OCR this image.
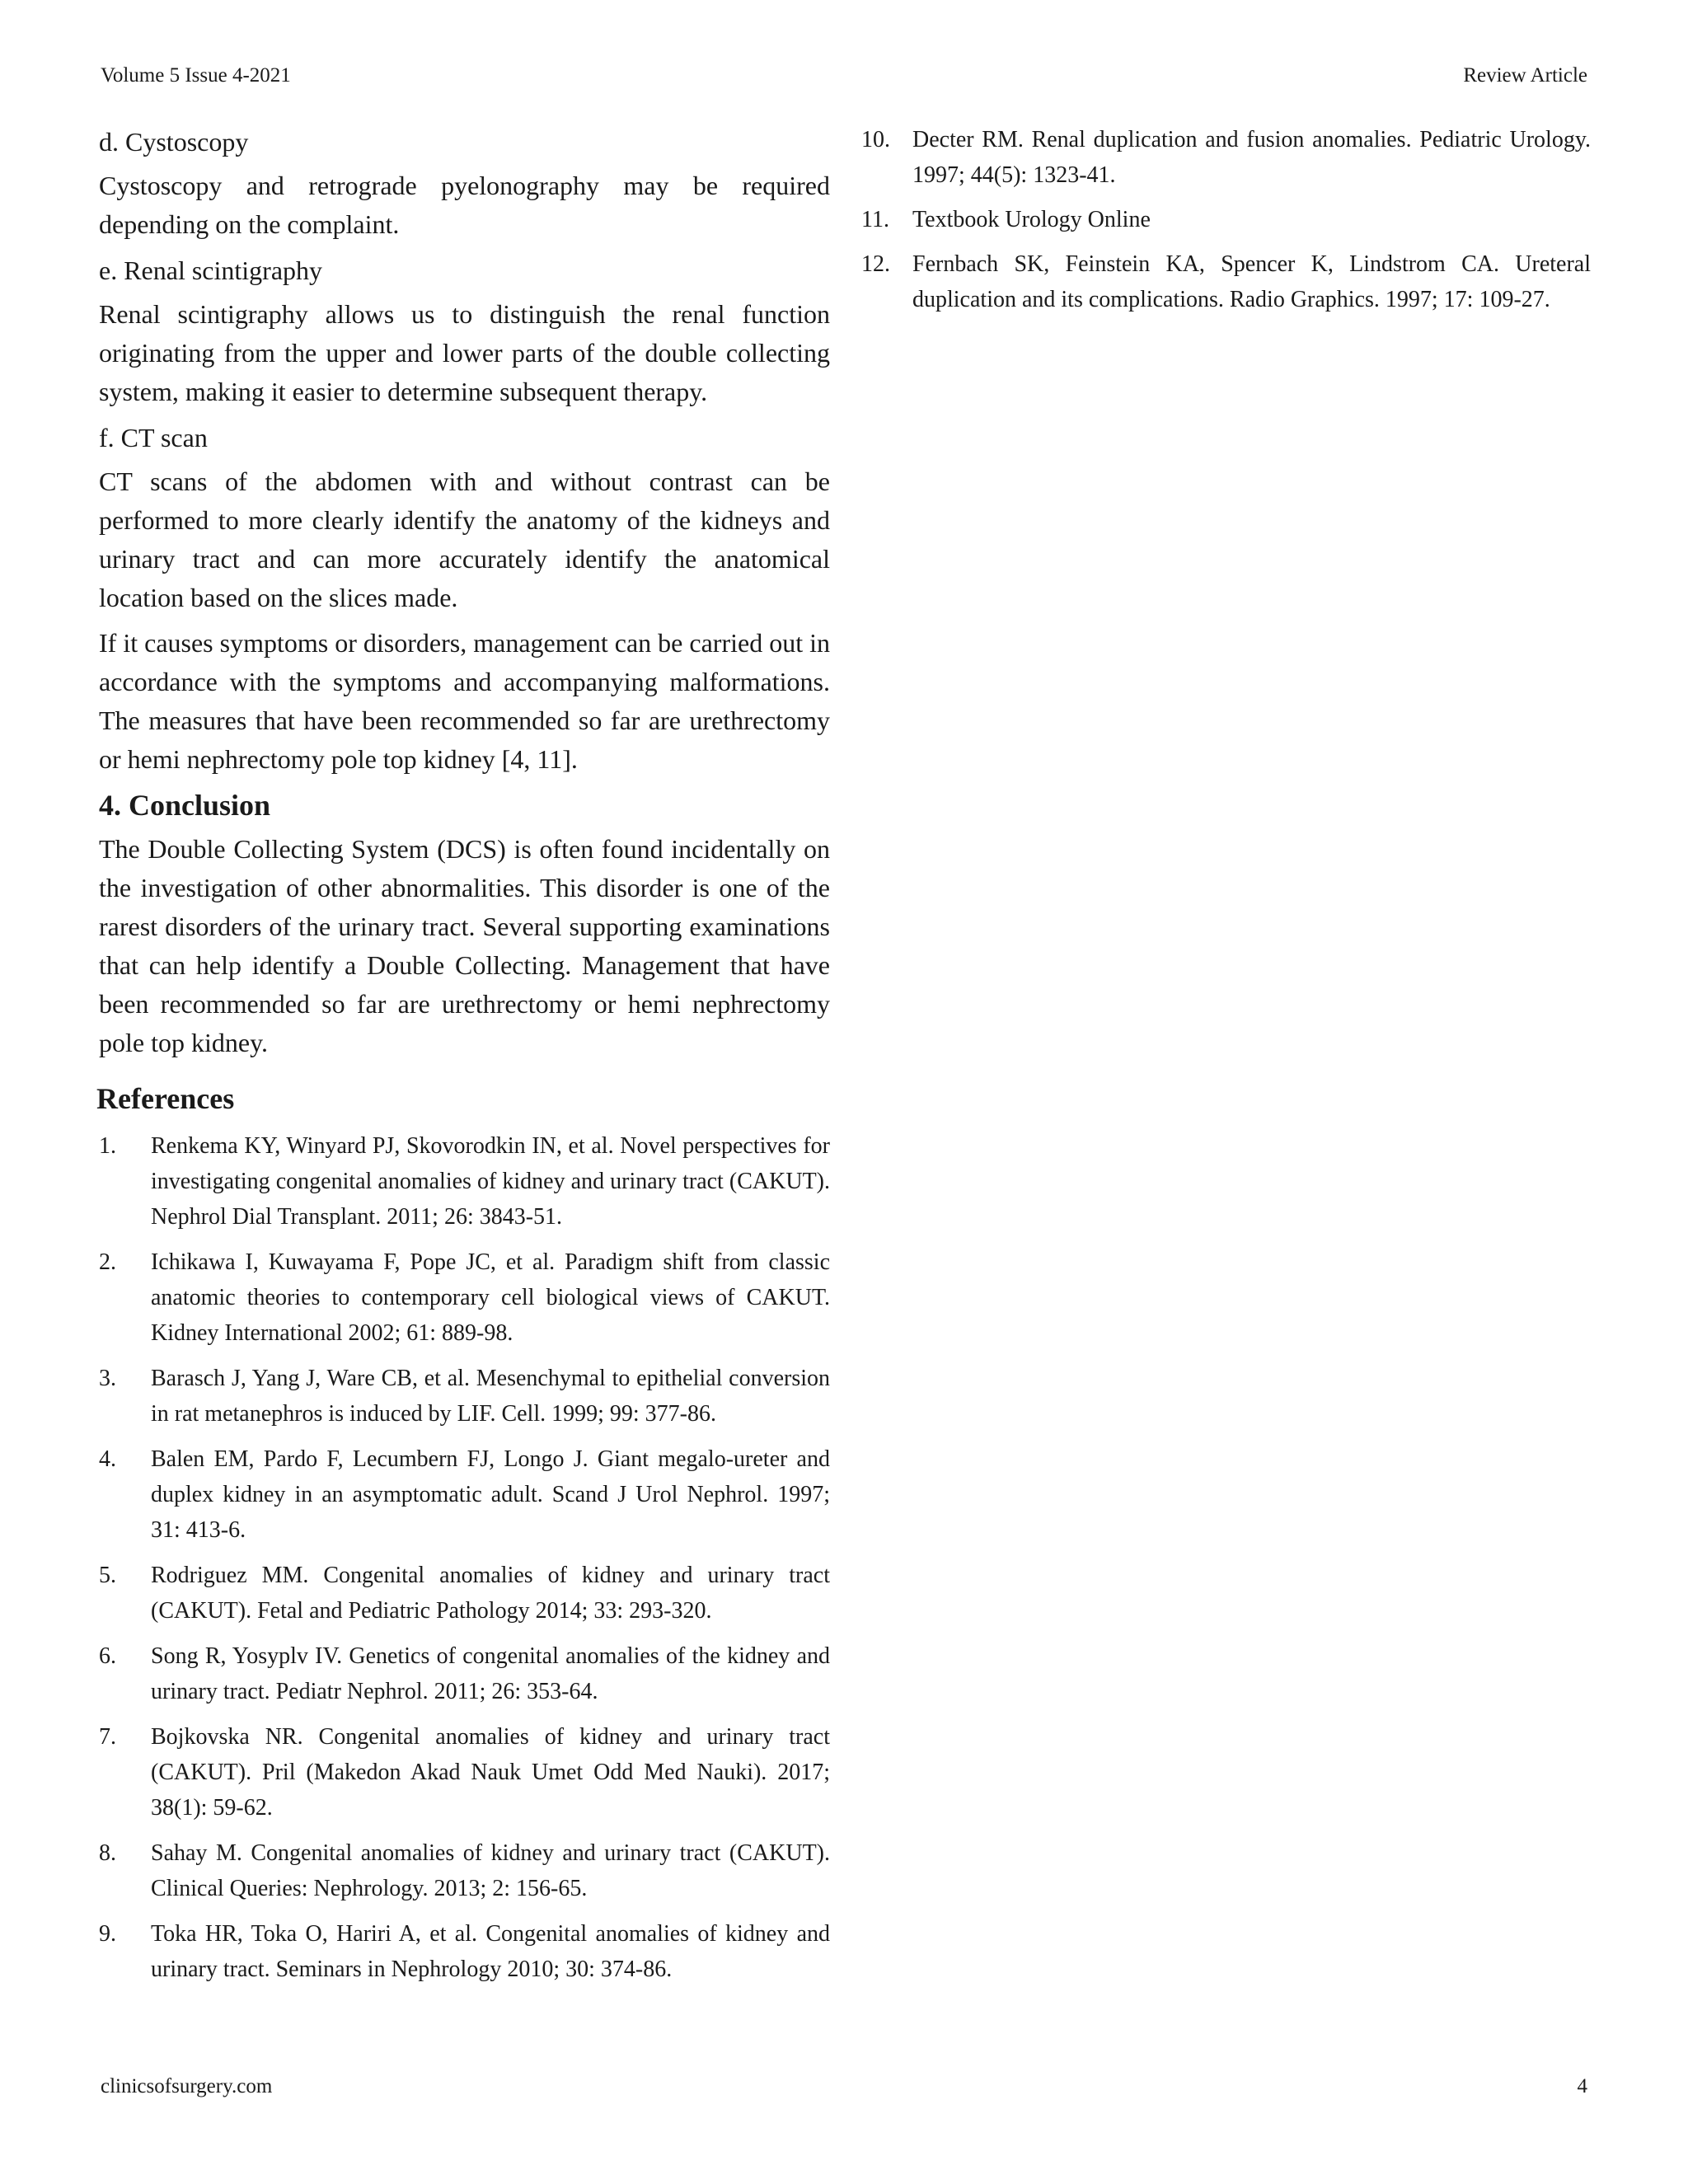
Volume 5 Issue 4-2021	Review Article
d. Cystoscopy

Cystoscopy and retrograde pyelonography may be required depending on the complaint.

e. Renal scintigraphy

Renal scintigraphy allows us to distinguish the renal function originating from the upper and lower parts of the double collecting system, making it easier to determine subsequent therapy.

f. CT scan

CT scans of the abdomen with and without contrast can be performed to more clearly identify the anatomy of the kidneys and urinary tract and can more accurately identify the anatomical location based on the slices made.

If it causes symptoms or disorders, management can be carried out in accordance with the symptoms and accompanying malformations. The measures that have been recommended so far are urethrectomy or hemi nephrectomy pole top kidney [4, 11].

4. Conclusion

The Double Collecting System (DCS) is often found incidentally on the investigation of other abnormalities. This disorder is one of the rarest disorders of the urinary tract. Several supporting examinations that can help identify a Double Collecting. Management that have been recommended so far are urethrectomy or hemi nephrectomy pole top kidney.

References
1.	Renkema KY, Winyard PJ, Skovorodkin IN, et al. Novel perspectives for investigating congenital anomalies of kidney and urinary tract (CAKUT). Nephrol Dial Transplant. 2011; 26: 3843-51.
2.	Ichikawa I, Kuwayama F, Pope JC, et al. Paradigm shift from classic anatomic theories to contemporary cell biological views of CAKUT. Kidney International 2002; 61: 889-98.
3.	Barasch J, Yang J, Ware CB, et al. Mesenchymal to epithelial conversion in rat metanephros is induced by LIF. Cell. 1999; 99: 377-86.
4.	Balen EM, Pardo F, Lecumbern FJ, Longo J. Giant megalo-ureter and duplex kidney in an asymptomatic adult. Scand J Urol Nephrol. 1997; 31: 413-6.
5.	Rodriguez MM. Congenital anomalies of kidney and urinary tract (CAKUT). Fetal and Pediatric Pathology 2014; 33: 293-320.
6.	Song R, Yosyplv IV. Genetics of congenital anomalies of the kidney and urinary tract. Pediatr Nephrol. 2011; 26: 353-64.
7.	Bojkovska NR. Congenital anomalies of kidney and urinary tract (CAKUT). Pril (Makedon Akad Nauk Umet Odd Med Nauki). 2017; 38(1): 59-62.
8.	Sahay M. Congenital anomalies of kidney and urinary tract (CAKUT). Clinical Queries: Nephrology. 2013; 2: 156-65.
9.	Toka HR, Toka O, Hariri A, et al. Congenital anomalies of kidney and urinary tract. Seminars in Nephrology 2010; 30: 374-86.
10. Decter RM. Renal duplication and fusion anomalies. Pediatric Urology. 1997; 44(5): 1323-41.
11.	Textbook Urology Online
12. Fernbach SK, Feinstein KA, Spencer K, Lindstrom CA. Ureteral duplication and its complications. Radio Graphics. 1997; 17: 109-27.
clinicsofsurgery.com	4
